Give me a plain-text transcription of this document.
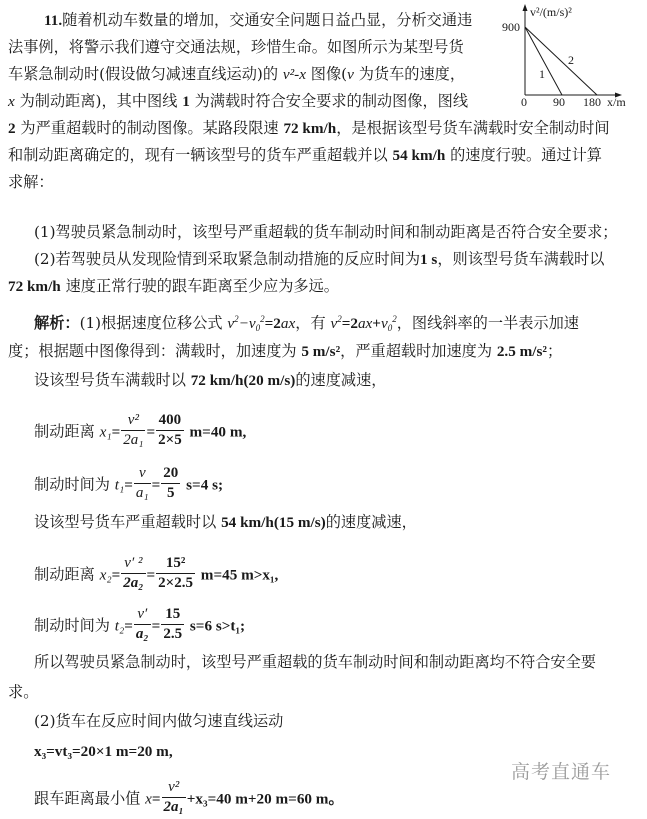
v²/(m/s)²
900
0 90 180 x/m
1
2
11.随着机动车数量的增加，交通安全问题日益凸显，分析交通违
法事例，将警示我们遵守交通法规，珍惜生命。如图所示为某型号货
车紧急制动时(假设做匀减速直线运动)的 v²-x 图像(v 为货车的速度，
x 为制动距离)，其中图线 1 为满载时符合安全要求的制动图像，图线
2 为严重超载时的制动图像。某路段限速 72 km/h，是根据该型号货车满载时安全制动时间
和制动距离确定的，现有一辆该型号的货车严重超载并以 54 km/h 的速度行驶。通过计算
求解：
(1)驾驶员紧急制动时，该型号严重超载的货车制动时间和制动距离是否符合安全要求；
(2)若驾驶员从发现险情到采取紧急制动措施的反应时间为1 s，则该型号货车满载时以
72 km/h 速度正常行驶的跟车距离至少应为多远。
解析：(1)根据速度位移公式 $v^2-v_0^2=2ax$，有 $v^2=2ax+v_0^2$，图线斜率的一半表示加速
度；根据题中图像得到：满载时，加速度为 5 m/s²，严重超载时加速度为 2.5 m/s²；
设该型号货车满载时以 72 km/h(20 m/s)的速度减速，
制动距离 $x_1= \frac{\text{v²}}{\text{2a₁}} = \frac{400}{2\times 5} m=40$ m,
制动时间为 $t_1= \frac{v}{\text{a₁}} = \frac{20}{5} s=4$ s;
设该型号货车严重超载时以 54 km/h(15 m/s)的速度减速，
制动距离 $x_2= \frac{\text{v′ ²}}{\text{2a₂}} = \frac{\text{15²}}{2\times 2.5} m=45$ m>x₁,
制动时间为 $t_2= \frac{v'}{\text{a₂}} = \frac{15}{2.5} s=6$ s>t₁;
所以驾驶员紧急制动时，该型号严重超载的货车制动时间和制动距离均不符合安全要
求。
(2)货车在反应时间内做匀速直线运动
x₃=vt₃=20×1 m=20 m,
跟车距离最小值 $x= \frac{\text{v²}}{\text{2a₁}} +x_3=40$ m+20 m=60 m。
高考直通车
